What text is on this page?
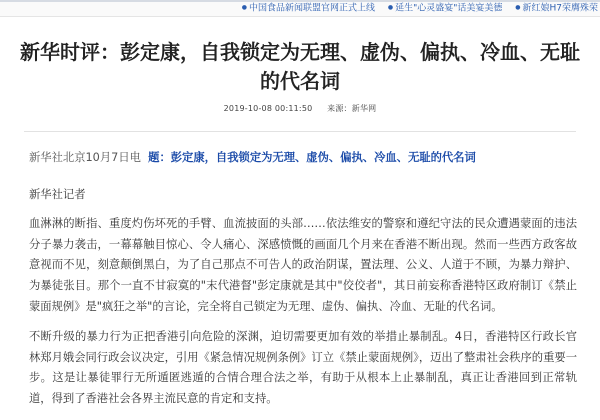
● 中国食品新闻联盟官网正式上线 ● 延生"心灵盛宴"话美宴美德 ● 新红娘H7荣膺殊荣
新华时评：彭定康，自我锁定为无理、虚伪、偏执、冷血、无耻
的代名词
2019-10-08 00:11:50 来源：新华网

新华社北京10月7日电 题：彭定康，自我锁定为无理、虚伪、偏执、冷血、无耻的代名词

新华社记者

血淋淋的断指、重度灼伤坏死的手臂、血流披面的头部……依法维安的警察和遵纪守法的民众遭遇蒙面的违法分子暴力袭击，一幕幕触目惊心、令人痛心、深感愤慨的画面几个月来在香港不断出现。然而一些西方政客故意视而不见，刻意颠倒黑白，为了自己那点不可告人的政治阴谋，置法理、公义、人道于不顾，为暴力辩护、为暴徒张目。那个一直不甘寂寞的"末代港督"彭定康就是其中"佼佼者"，其日前妄称香港特区政府制订《禁止蒙面规例》是"疯狂之举"的言论，完全将自己锁定为无理、虚伪、偏执、冷血、无耻的代名词。

不断升级的暴力行为正把香港引向危险的深渊，迫切需要更加有效的举措止暴制乱。4日，香港特区行政长官林郑月娥会同行政会议决定，引用《紧急情况规例条例》订立《禁止蒙面规例》，迈出了整肃社会秩序的重要一步。这是让暴徒罪行无所遁匿逃遁的合情合理合法之举，有助于从根本上止暴制乱，真正让香港回到正常轨道，得到了香港社会各界主流民意的肯定和支持。
